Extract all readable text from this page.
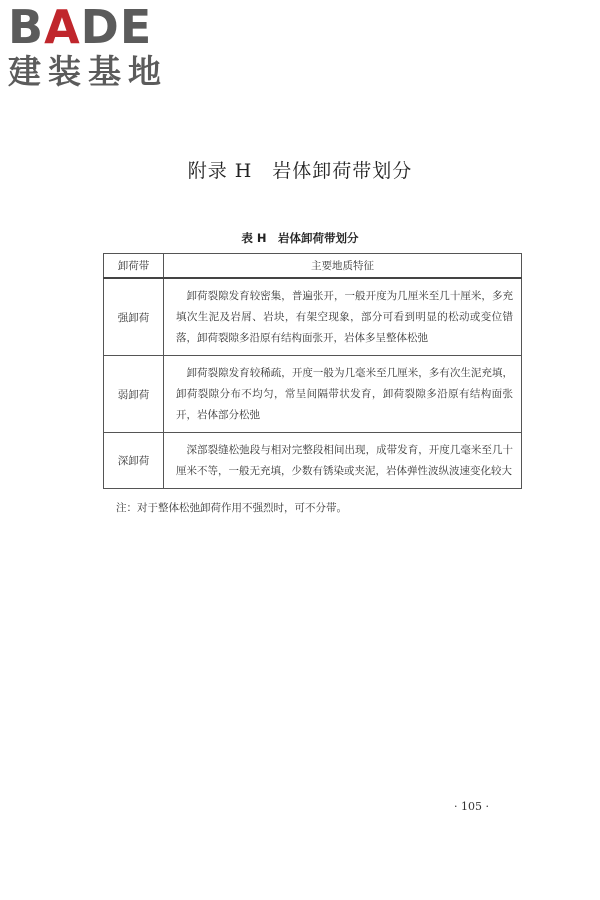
BADE
建装基地
附录 H　岩体卸荷带划分
表 H　岩体卸荷带划分
卸荷带	主要地质特征
强卸荷	卸荷裂隙发育较密集，普遍张开，一般开度为几厘米至几十厘米，多充填次生泥及岩屑、岩块，有架空现象，部分可看到明显的松动或变位错落，卸荷裂隙多沿原有结构面张开，岩体多呈整体松弛
弱卸荷	卸荷裂隙发育较稀疏，开度一般为几毫米至几厘米，多有次生泥充填，卸荷裂隙分布不均匀，常呈间隔带状发育，卸荷裂隙多沿原有结构面张开，岩体部分松弛
深卸荷	深部裂缝松弛段与相对完整段相间出现，成带发育，开度几毫米至几十厘米不等，一般无充填，少数有锈染或夹泥，岩体弹性波纵波速变化较大
注：对于整体松弛卸荷作用不强烈时，可不分带。
· 105 ·
